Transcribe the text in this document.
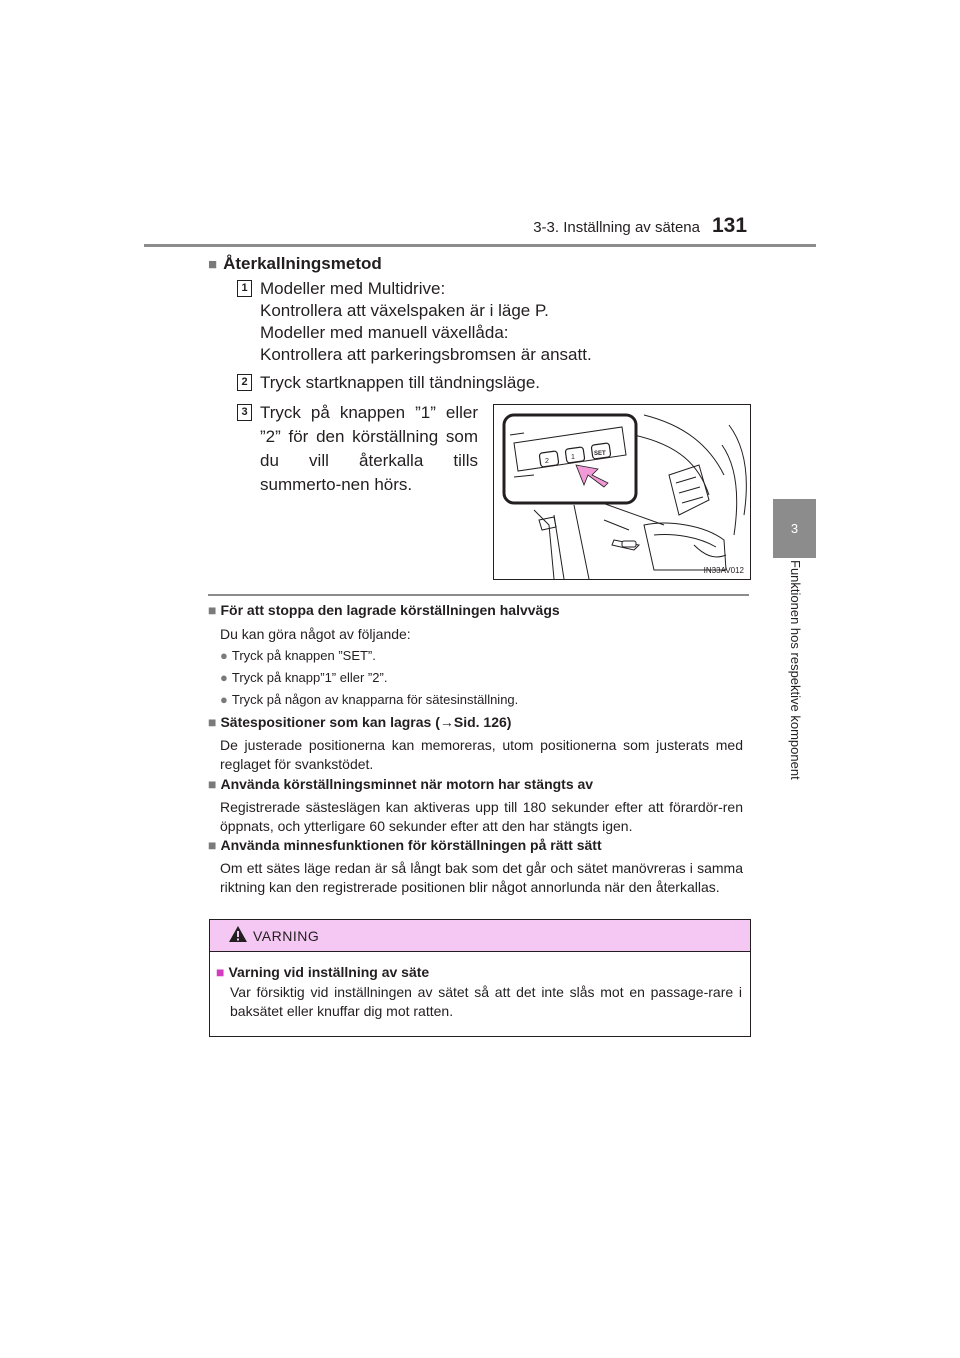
3-3. Inställning av sätena 131
3
Funktionen hos respektive komponent
■ Återkallningsmetod
1 Modeller med Multidrive:
Kontrollera att växelspaken är i läge P.
Modeller med manuell växellåda:
Kontrollera att parkeringsbromsen är ansatt.
2 Tryck startknappen till tändningsläge.
3 Tryck på knappen ”1” eller ”2” för den körställning som du vill återkalla tills summerto-nen hörs.
2
1	SET
IN33AV012
■ För att stoppa den lagrade körställningen halvvägs
Du kan göra något av följande:
● Tryck på knappen ”SET”.
● Tryck på knapp”1” eller ”2”.
● Tryck på någon av knapparna för sätesinställning.
■ Sätespositioner som kan lagras (→Sid. 126)
De justerade positionerna kan memoreras, utom positionerna som justerats med reglaget för svankstödet.
■ Använda körställningsminnet när motorn har stängts av
Registrerade sästeslägen kan aktiveras upp till 180 sekunder efter att förardör-ren öppnats, och ytterligare 60 sekunder efter att den har stängts igen.
■ Använda minnesfunktionen för körställningen på rätt sätt
Om ett sätes läge redan är så långt bak som det går och sätet manövreras i samma riktning kan den registrerade positionen blir något annorlunda när den återkallas.
VARNING
■ Varning vid inställning av säte
Var försiktig vid inställningen av sätet så att det inte slås mot en passage-rare i baksätet eller knuffar dig mot ratten.
